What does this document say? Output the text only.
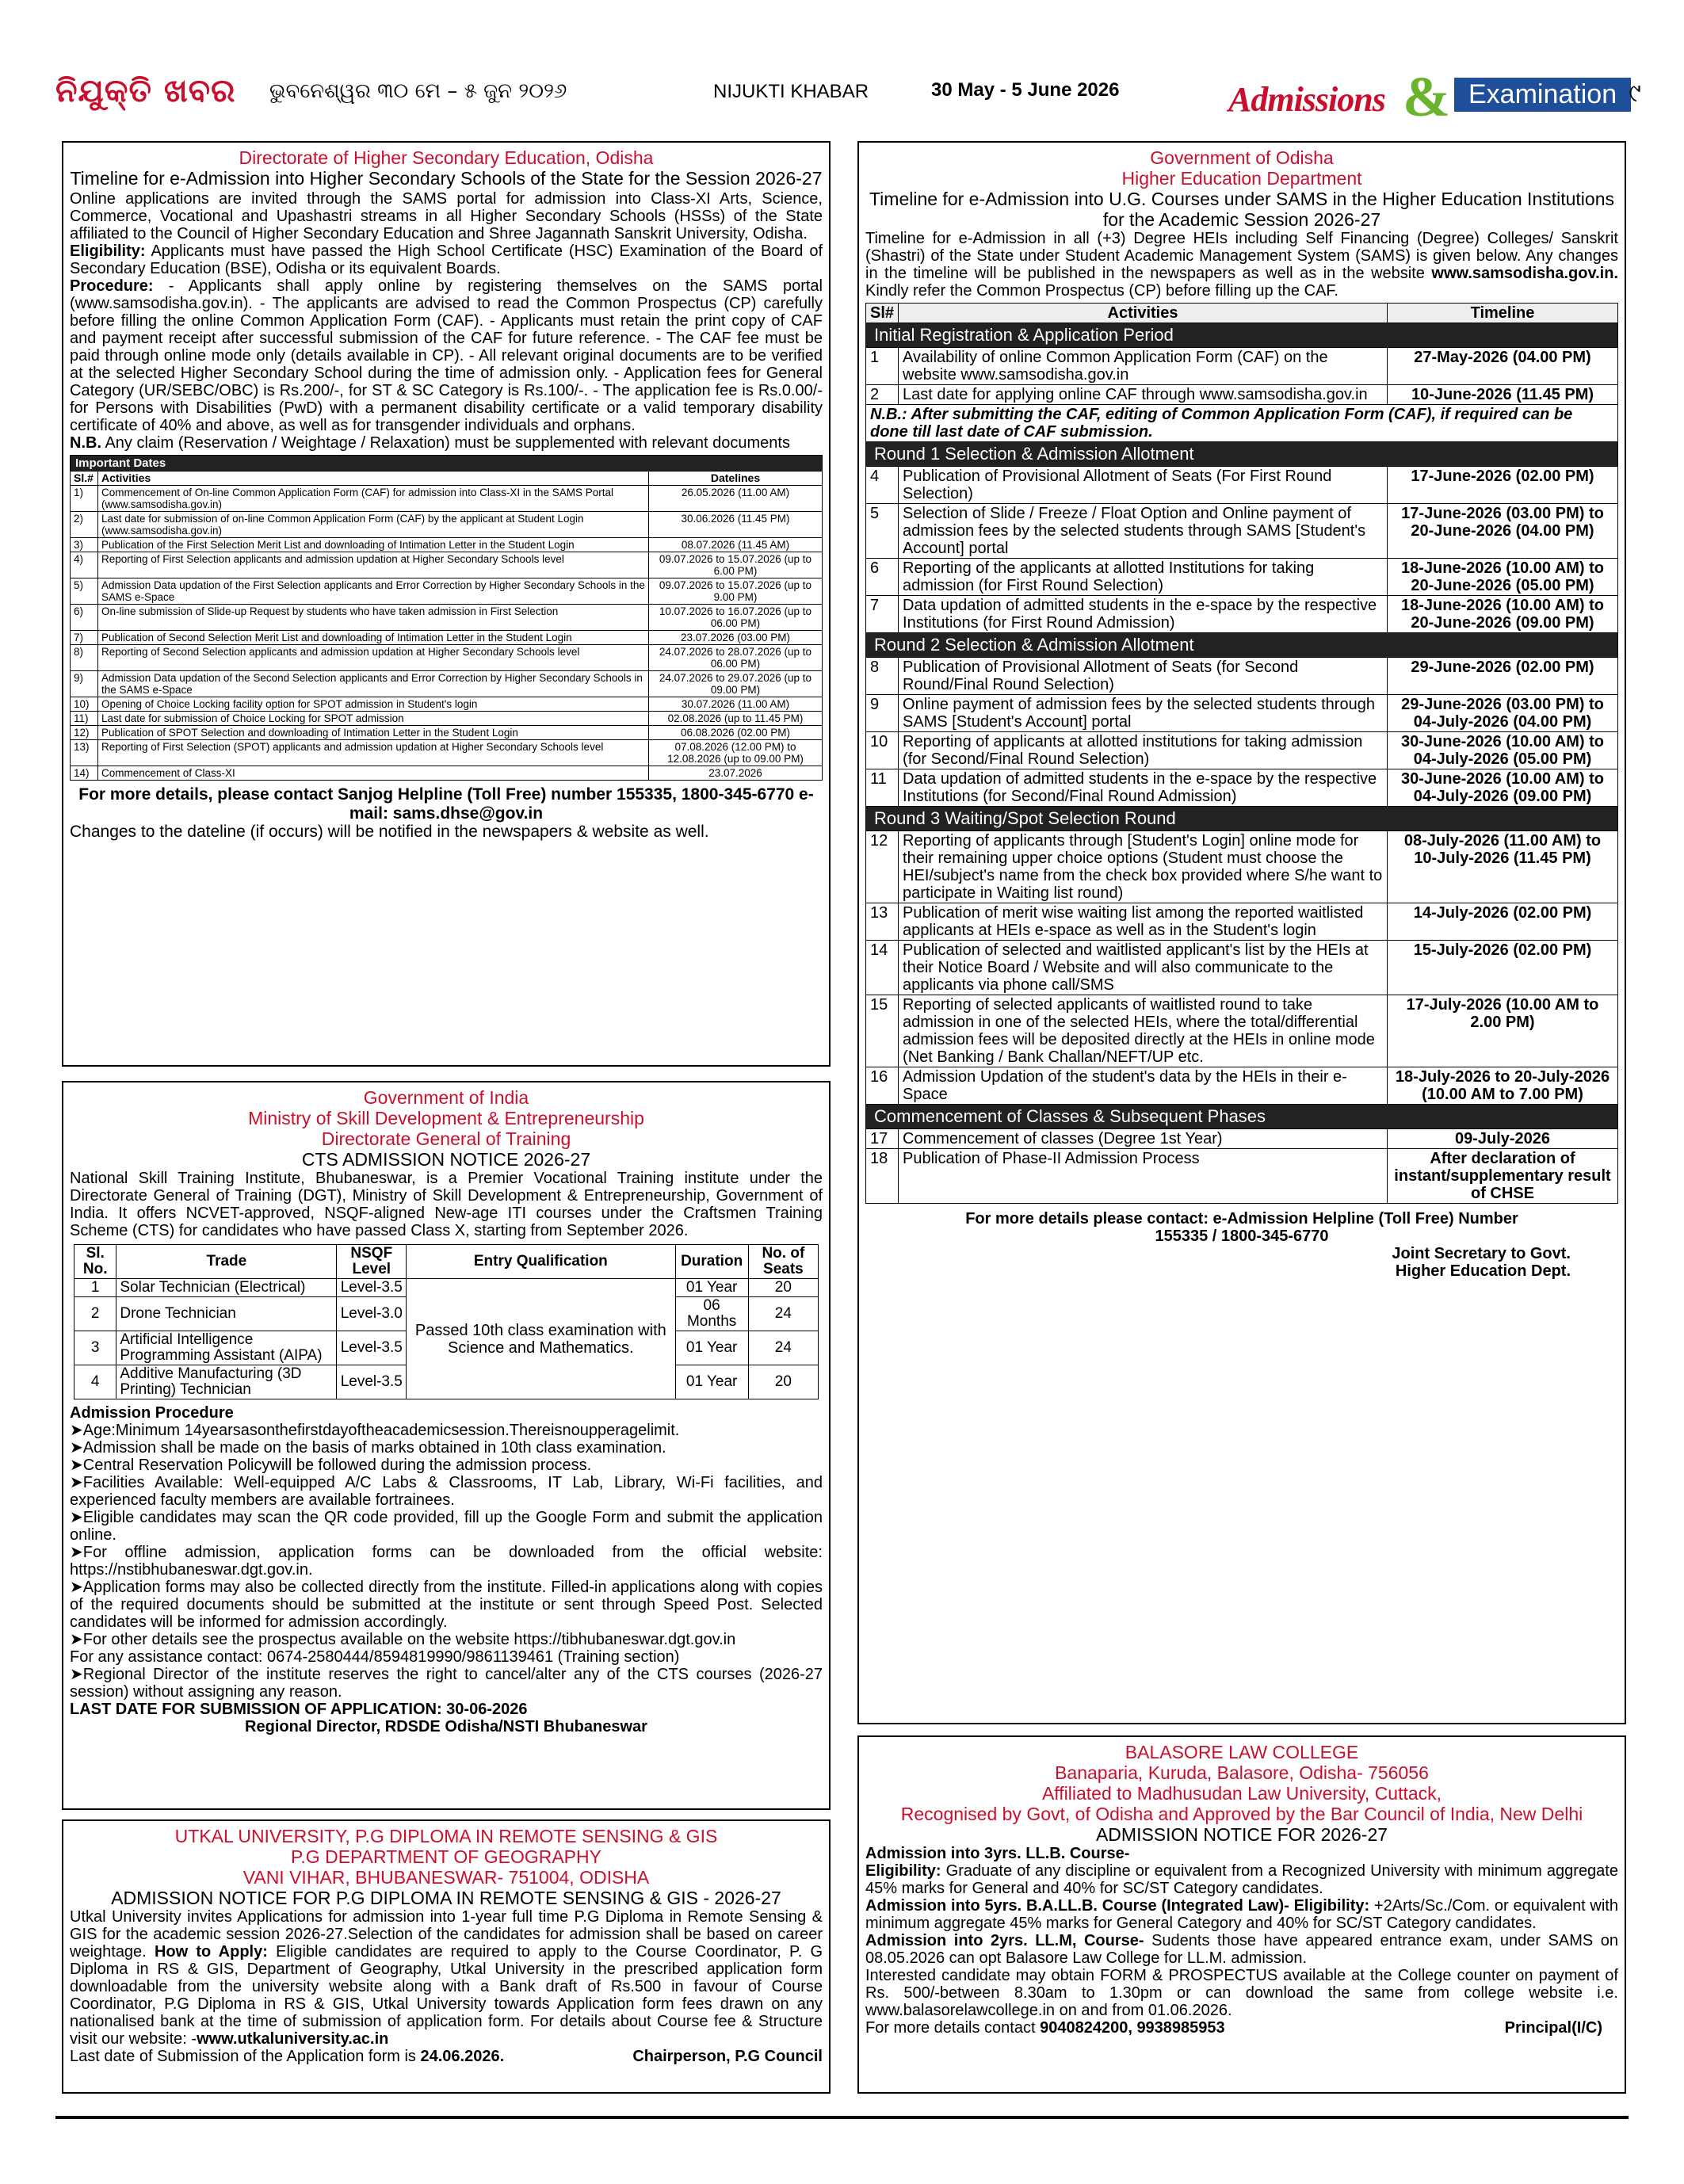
ନିଯୁକ୍ତି ଖବର ଭୁବନେଶ୍ୱର ୩୦ ମେ – ୫ ଜୁନ ୨୦୨୬	NIJUKTI KHABAR	30 May - 5 June 2026	Admissions & Examination ୯
Directorate of Higher Secondary Education, Odisha
Timeline for e-Admission into Higher Secondary Schools of the State for the Session 2026-27

Online applications are invited through the SAMS portal for admission into Class-XI Arts, Science, Commerce, Vocational and Upashastri streams in all Higher Secondary Schools (HSSs) of the State affiliated to the Council of Higher Secondary Education and Shree Jagannath Sanskrit University, Odisha.

Eligibility: Applicants must have passed the High School Certificate (HSC) Examination of the Board of Secondary Education (BSE), Odisha or its equivalent Boards.

Procedure: - Applicants shall apply online by registering themselves on the SAMS portal (www.samsodisha.gov.in). - The applicants are advised to read the Common Prospectus (CP) carefully before filling the online Common Application Form (CAF). - Applicants must retain the print copy of CAF and payment receipt after successful submission of the CAF for future reference. - The CAF fee must be paid through online mode only (details available in CP). - All relevant original documents are to be verified at the selected Higher Secondary School during the time of admission only. - Application fees for General Category (UR/SEBC/OBC) is Rs.200/-, for ST & SC Category is Rs.100/-. - The application fee is Rs.0.00/- for Persons with Disabilities (PwD) with a permanent disability certificate or a valid temporary disability certificate of 40% and above, as well as for transgender individuals and orphans.

N.B. Any claim (Reservation / Weightage / Relaxation) must be supplemented with relevant documents

Important Dates		
Sl.#	Activities	Datelines
1)	Commencement of On-line Common Application Form (CAF) for admission into Class-XI in the SAMS Portal (www.samsodisha.gov.in)	26.05.2026 (11.00 AM)
2)	Last date for submission of on-line Common Application Form (CAF) by the applicant at Student Login (www.samsodisha.gov.in)	30.06.2026 (11.45 PM)
3)	Publication of the First Selection Merit List and downloading of Intimation Letter in the Student Login	08.07.2026 (11.45 AM)
4)	Reporting of First Selection applicants and admission updation at Higher Secondary Schools level	09.07.2026 to 15.07.2026 (up to 6.00 PM)
5)	Admission Data updation of the First Selection applicants and Error Correction by Higher Secondary Schools in the SAMS e-Space	09.07.2026 to 15.07.2026 (up to 9.00 PM)
6)	On-line submission of Slide-up Request by students who have taken admission in First Selection	10.07.2026 to 16.07.2026 (up to 06.00 PM)
7)	Publication of Second Selection Merit List and downloading of Intimation Letter in the Student Login	23.07.2026 (03.00 PM)
8)	Reporting of Second Selection applicants and admission updation at Higher Secondary Schools level	24.07.2026 to 28.07.2026 (up to 06.00 PM)
9)	Admission Data updation of the Second Selection applicants and Error Correction by Higher Secondary Schools in the SAMS e-Space	24.07.2026 to 29.07.2026 (up to 09.00 PM)
10)	Opening of Choice Locking facility option for SPOT admission in Student's login	30.07.2026 (11.00 AM)
11)	Last date for submission of Choice Locking for SPOT admission	02.08.2026 (up to 11.45 PM)
12)	Publication of SPOT Selection and downloading of Intimation Letter in the Student Login	06.08.2026 (02.00 PM)
13)	Reporting of First Selection (SPOT) applicants and admission updation at Higher Secondary Schools level	07.08.2026 (12.00 PM) to 12.08.2026 (up to 09.00 PM)
14)	Commencement of Class-XI	23.07.2026
For more details, please contact Sanjog Helpline (Toll Free) number 155335, 1800-345-6770 e-mail: sams.dhse@gov.in
Changes to the dateline (if occurs) will be notified in the newspapers & website as well.
Government of India
Ministry of Skill Development & Entrepreneurship
Directorate General of Training
CTS ADMISSION NOTICE 2026-27

National Skill Training Institute, Bhubaneswar, is a Premier Vocational Training institute under the Directorate General of Training (DGT), Ministry of Skill Development & Entrepreneurship, Government of India. It offers NCVET-approved, NSQF-aligned New-age ITI courses under the Craftsmen Training Scheme (CTS) for candidates who have passed Class X, starting from September 2026.

Sl. No.	Trade	NSQF Level	Entry Qualification	Duration	No. of Seats
1	Solar Technician (Electrical)	Level-3.5	Passed 10th class examination with Science and Mathematics.	01 Year	20
2	Drone Technician	Level-3.0		06 Months	24
3	Artificial Intelligence Programming Assistant (AIPA)	Level-3.5		01 Year	24
4	Additive Manufacturing (3D Printing) Technician	Level-3.5		01 Year	20
Admission Procedure

➤Age:Minimum 14yearsasonthefirstdayoftheacademicsession.Thereisnoupperagelimit.

➤Admission shall be made on the basis of marks obtained in 10th class examination.

➤Central Reservation Policywill be followed during the admission process.

➤Facilities Available: Well-equipped A/C Labs & Classrooms, IT Lab, Library, Wi-Fi facilities, and experienced faculty members are available fortrainees.

➤Eligible candidates may scan the QR code provided, fill up the Google Form and submit the application online.

➤For offline admission, application forms can be downloaded from the official website: https://nstibhubaneswar.dgt.gov.in.

➤Application forms may also be collected directly from the institute. Filled-in applications along with copies of the required documents should be submitted at the institute or sent through Speed Post. Selected candidates will be informed for admission accordingly.

➤For other details see the prospectus available on the website https://tibhubaneswar.dgt.gov.in

For any assistance contact: 0674-2580444/8594819990/9861139461 (Training section)

➤Regional Director of the institute reserves the right to cancel/alter any of the CTS courses (2026-27 session) without assigning any reason.

LAST DATE FOR SUBMISSION OF APPLICATION: 30-06-2026
Regional Director, RDSDE Odisha/NSTI Bhubaneswar
UTKAL UNIVERSITY, P.G DIPLOMA IN REMOTE SENSING & GIS
P.G DEPARTMENT OF GEOGRAPHY
VANI VIHAR, BHUBANESWAR- 751004, ODISHA
ADMISSION NOTICE FOR P.G DIPLOMA IN REMOTE SENSING & GIS - 2026-27

Utkal University invites Applications for admission into 1-year full time P.G Diploma in Remote Sensing & GIS for the academic session 2026-27.Selection of the candidates for admission shall be based on career weightage. How to Apply: Eligible candidates are required to apply to the Course Coordinator, P. G Diploma in RS & GIS, Department of Geography, Utkal University in the prescribed application form downloadable from the university website along with a Bank draft of Rs.500 in favour of Course Coordinator, P.G Diploma in RS & GIS, Utkal University towards Application form fees drawn on any nationalised bank at the time of submission of application form. For details about Course fee & Structure visit our website: -www.utkaluniversity.ac.in

Last date of Submission of the Application form is 24.06.2026.	Chairperson, P.G Council
Government of Odisha
Higher Education Department
Timeline for e-Admission into U.G. Courses under SAMS in the Higher Education Institutions for the Academic Session 2026-27

Timeline for e-Admission in all (+3) Degree HEIs including Self Financing (Degree) Colleges/ Sanskrit (Shastri) of the State under Student Academic Management System (SAMS) is given below. Any changes in the timeline will be published in the newspapers as well as in the website www.samsodisha.gov.in. Kindly refer the Common Prospectus (CP) before filling up the CAF.

Sl#	Activities	Timeline
Initial Registration & Application Period		
1	Availability of online Common Application Form (CAF) on the website www.samsodisha.gov.in	27-May-2026 (04.00 PM)
2	Last date for applying online CAF through www.samsodisha.gov.in	10-June-2026 (11.45 PM)
N.B.: After submitting the CAF, editing of Common Application Form (CAF), if required can be done till last date of CAF submission.		
Round 1 Selection & Admission Allotment		
4	Publication of Provisional Allotment of Seats (For First Round Selection)	17-June-2026 (02.00 PM)
5	Selection of Slide / Freeze / Float Option and Online payment of admission fees by the selected students through SAMS [Student's Account] portal	17-June-2026 (03.00 PM) to 20-June-2026 (04.00 PM)
6	Reporting of the applicants at allotted Institutions for taking admission (for First Round Selection)	18-June-2026 (10.00 AM) to 20-June-2026 (05.00 PM)
7	Data updation of admitted students in the e-space by the respective Institutions (for First Round Admission)	18-June-2026 (10.00 AM) to 20-June-2026 (09.00 PM)
Round 2 Selection & Admission Allotment		
8	Publication of Provisional Allotment of Seats (for Second Round/Final Round Selection)	29-June-2026 (02.00 PM)
9	Online payment of admission fees by the selected students through SAMS [Student's Account] portal	29-June-2026 (03.00 PM) to 04-July-2026 (04.00 PM)
10	Reporting of applicants at allotted institutions for taking admission (for Second/Final Round Selection)	30-June-2026 (10.00 AM) to 04-July-2026 (05.00 PM)
11	Data updation of admitted students in the e-space by the respective Institutions (for Second/Final Round Admission)	30-June-2026 (10.00 AM) to 04-July-2026 (09.00 PM)
Round 3 Waiting/Spot Selection Round		
12	Reporting of applicants through [Student's Login] online mode for their remaining upper choice options (Student must choose the HEI/subject's name from the check box provided where S/he want to participate in Waiting list round)	08-July-2026 (11.00 AM) to 10-July-2026 (11.45 PM)
13	Publication of merit wise waiting list among the reported waitlisted applicants at HEIs e-space as well as in the Student's login	14-July-2026 (02.00 PM)
14	Publication of selected and waitlisted applicant's list by the HEIs at their Notice Board / Website and will also communicate to the applicants via phone call/SMS	15-July-2026 (02.00 PM)
15	Reporting of selected applicants of waitlisted round to take admission in one of the selected HEIs, where the total/differential admission fees will be deposited directly at the HEIs in online mode (Net Banking / Bank Challan/NEFT/UP etc.	17-July-2026 (10.00 AM to 2.00 PM)
16	Admission Updation of the student's data by the HEIs in their e-Space	18-July-2026 to 20-July-2026 (10.00 AM to 7.00 PM)
Commencement of Classes & Subsequent Phases		
17	Commencement of classes (Degree 1st Year)	09-July-2026
18	Publication of Phase-II Admission Process	After declaration of instant/supplementary result of CHSE
For more details please contact: e-Admission Helpline (Toll Free) Number 155335 / 1800-345-6770
Joint Secretary to Govt.
Higher Education Dept.
BALASORE LAW COLLEGE
Banaparia, Kuruda, Balasore, Odisha- 756056
Affiliated to Madhusudan Law University, Cuttack,
Recognised by Govt, of Odisha and Approved by the Bar Council of India, New Delhi
ADMISSION NOTICE FOR 2026-27
Admission into 3yrs. LL.B. Course-

Eligibility: Graduate of any discipline or equivalent from a Recognized University with minimum aggregate 45% marks for General and 40% for SC/ST Category candidates.

Admission into 5yrs. B.A.LL.B. Course (Integrated Law)- Eligibility: +2Arts/Sc./Com. or equivalent with minimum aggregate 45% marks for General Category and 40% for SC/ST Category candidates.

Admission into 2yrs. LL.M, Course- Sudents those have appeared entrance exam, under SAMS on 08.05.2026 can opt Balasore Law College for LL.M. admission.

Interested candidate may obtain FORM & PROSPECTUS available at the College counter on payment of Rs. 500/-between 8.30am to 1.30pm or can download the same from college website i.e. www.balasorelawcollege.in on and from 01.06.2026.

For more details contact 9040824200, 9938985953	Principal(I/C)
